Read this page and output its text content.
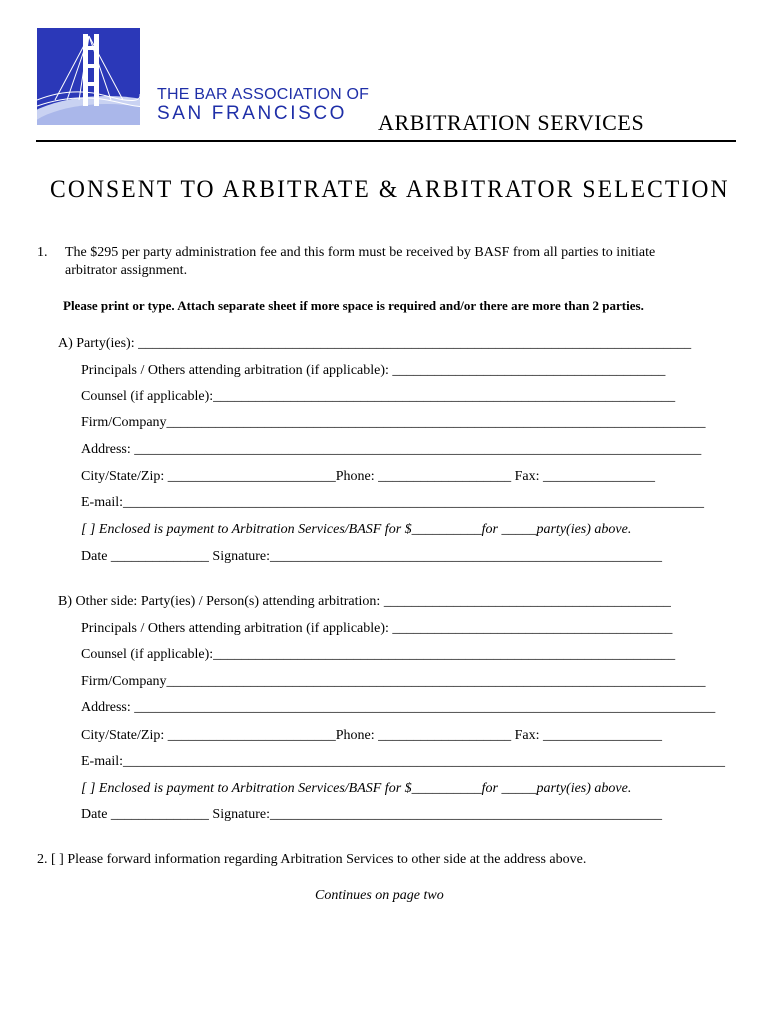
THE BAR ASSOCIATION OF
SAN FRANCISCO ARBITRATION SERVICES
CONSENT TO ARBITRATE & ARBITRATOR SELECTION
1. The $295 per party administration fee and this form must be received by BASF from all parties to initiate
arbitrator assignment.
Please print or type. Attach separate sheet if more space is required and/or there are more than 2 parties.
A) Party(ies): _______________________________________________________________________________
Principals / Others attending arbitration (if applicable): _______________________________________
Counsel (if applicable):__________________________________________________________________
Firm/Company_____________________________________________________________________________
Address: _________________________________________________________________________________
City/State/Zip: ________________________Phone: ___________________ Fax: ________________
E-mail:___________________________________________________________________________________
[ ] Enclosed is payment to Arbitration Services/BASF for $__________for _____party(ies) above.
Date ______________ Signature:________________________________________________________
B) Other side: Party(ies) / Person(s) attending arbitration: _________________________________________
Principals / Others attending arbitration (if applicable): ________________________________________
Counsel (if applicable):__________________________________________________________________
Firm/Company_____________________________________________________________________________
Address: ___________________________________________________________________________________
City/State/Zip: ________________________Phone: ___________________ Fax: _________________
E-mail:______________________________________________________________________________________
[ ] Enclosed is payment to Arbitration Services/BASF for $__________for _____party(ies) above.
Date ______________ Signature:________________________________________________________
2. [ ] Please forward information regarding Arbitration Services to other side at the address above.
Continues on page two
